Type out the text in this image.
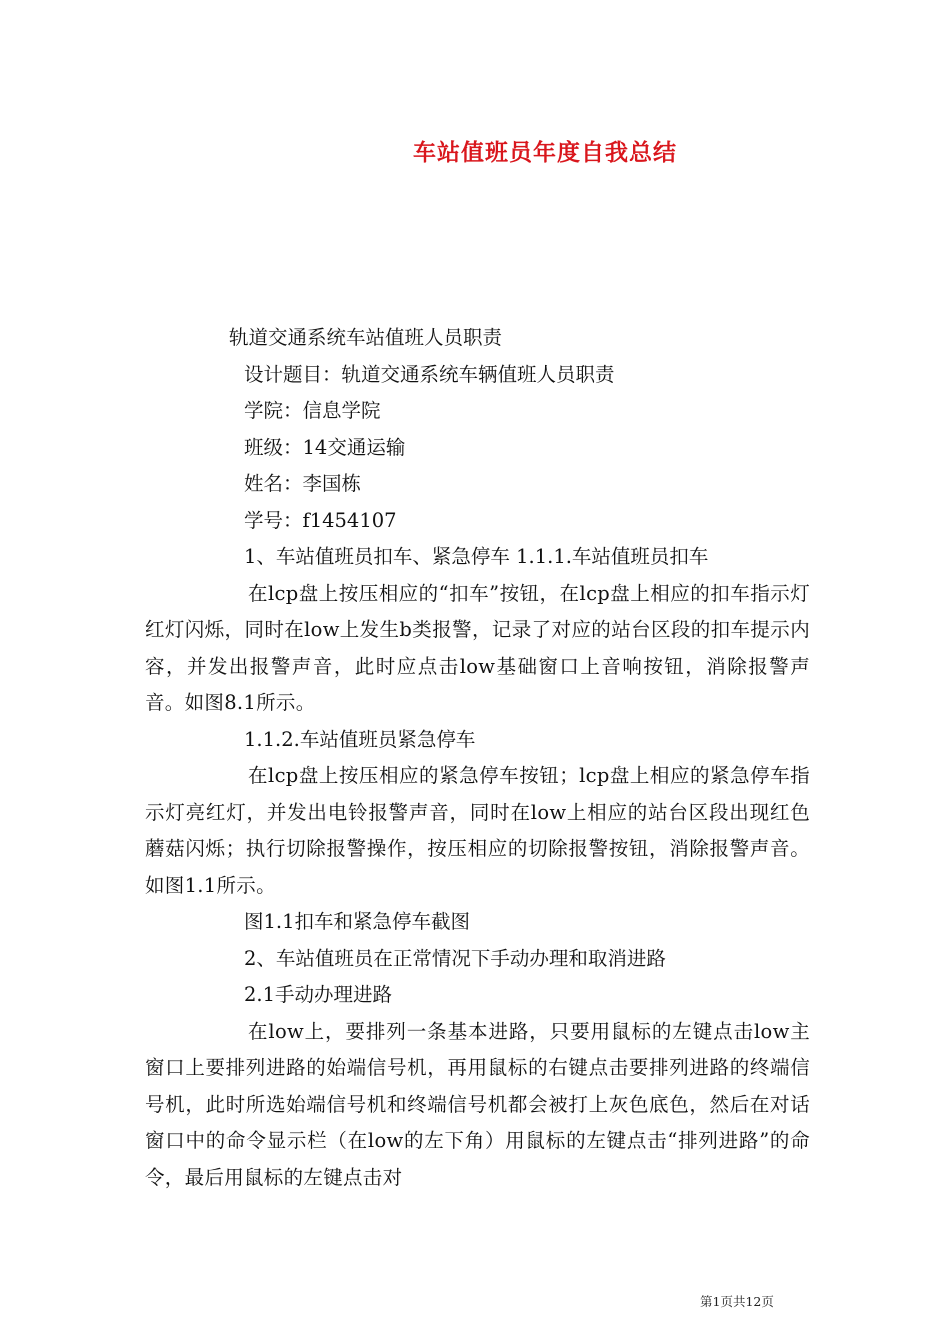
车站值班员年度自我总结

轨道交通系统车站值班人员职责

设计题目：轨道交通系统车辆值班人员职责

学院：信息学院

班级：14交通运输

姓名：李国栋

学号：f1454107

1、车站值班员扣车、紧急停车 1.1.1.车站值班员扣车

在lcp盘上按压相应的“扣车”按钮，在lcp盘上相应的扣车指示灯红灯闪烁，同时在low上发生b类报警，记录了对应的站台区段的扣车提示内容，并发出报警声音，此时应点击low基础窗口上音响按钮，消除报警声音。如图8.1所示。

1.1.2.车站值班员紧急停车

在lcp盘上按压相应的紧急停车按钮；lcp盘上相应的紧急停车指示灯亮红灯，并发出电铃报警声音，同时在low上相应的站台区段出现红色蘑菇闪烁；执行切除报警操作，按压相应的切除报警按钮，消除报警声音。如图1.1所示。

图1.1扣车和紧急停车截图

2、车站值班员在正常情况下手动办理和取消进路

2.1手动办理进路

在low上，要排列一条基本进路，只要用鼠标的左键点击low主窗口上要排列进路的始端信号机，再用鼠标的右键点击要排列进路的终端信号机，此时所选始端信号机和终端信号机都会被打上灰色底色，然后在对话窗口中的命令显示栏（在low的左下角）用鼠标的左键点击“排列进路”的命令，最后用鼠标的左键点击对

第1页共12页
